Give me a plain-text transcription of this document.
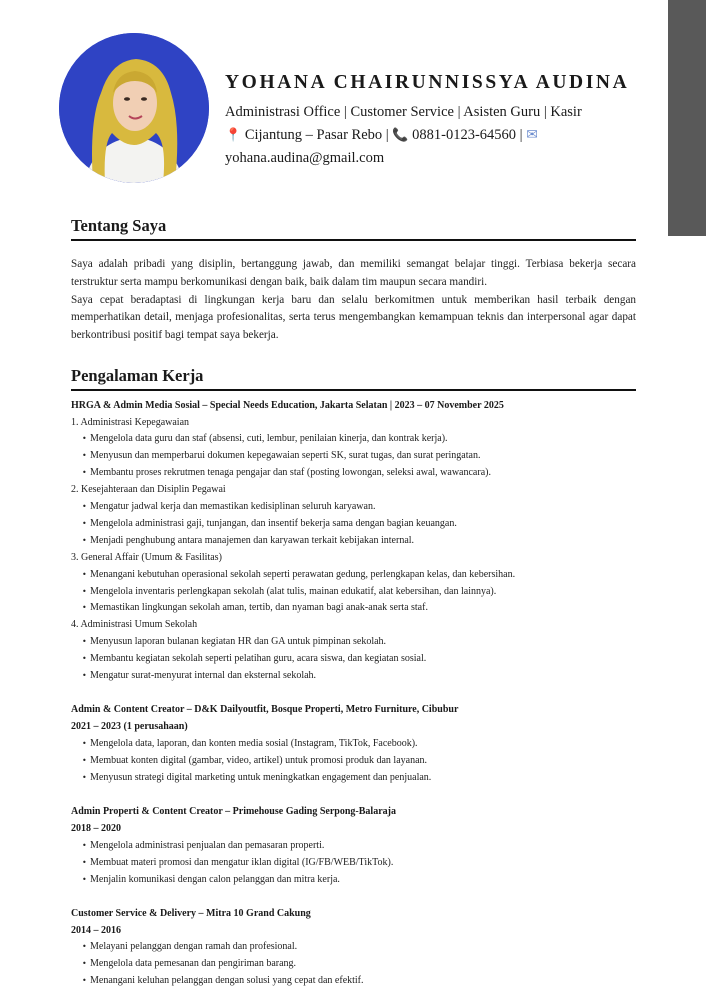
YOHANA CHAIRUNNISSYA AUDINA
Administrasi Office | Customer Service | Asisten Guru | Kasir
📍 Cijantung – Pasar Rebo | 📞 0881-0123-64560 | ✉
yohana.audina@gmail.com
Tentang Saya

Saya adalah pribadi yang disiplin, bertanggung jawab, dan memiliki semangat belajar tinggi. Terbiasa bekerja secara terstruktur serta mampu berkomunikasi dengan baik, baik dalam tim maupun secara mandiri.

Saya cepat beradaptasi di lingkungan kerja baru dan selalu berkomitmen untuk memberikan hasil terbaik dengan memperhatikan detail, menjaga profesionalitas, serta terus mengembangkan kemampuan teknis dan interpersonal agar dapat berkontribusi positif bagi tempat saya bekerja.

Pengalaman Kerja
HRGA & Admin Media Sosial – Special Needs Education, Jakarta Selatan | 2023 – 07 November 2025
1. Administrasi Kepegawaian
• Mengelola data guru dan staf (absensi, cuti, lembur, penilaian kinerja, dan kontrak kerja).
• Menyusun dan memperbarui dokumen kepegawaian seperti SK, surat tugas, dan surat peringatan.
• Membantu proses rekrutmen tenaga pengajar dan staf (posting lowongan, seleksi awal, wawancara).
2. Kesejahteraan dan Disiplin Pegawai
• Mengatur jadwal kerja dan memastikan kedisiplinan seluruh karyawan.
• Mengelola administrasi gaji, tunjangan, dan insentif bekerja sama dengan bagian keuangan.
• Menjadi penghubung antara manajemen dan karyawan terkait kebijakan internal.
3. General Affair (Umum & Fasilitas)
• Menangani kebutuhan operasional sekolah seperti perawatan gedung, perlengkapan kelas, dan kebersihan.
• Mengelola inventaris perlengkapan sekolah (alat tulis, mainan edukatif, alat kebersihan, dan lainnya).
• Memastikan lingkungan sekolah aman, tertib, dan nyaman bagi anak-anak serta staf.
4. Administrasi Umum Sekolah
• Menyusun laporan bulanan kegiatan HR dan GA untuk pimpinan sekolah.
• Membantu kegiatan sekolah seperti pelatihan guru, acara siswa, dan kegiatan sosial.
• Mengatur surat-menyurat internal dan eksternal sekolah.
Admin & Content Creator – D&K Dailyoutfit, Bosque Properti, Metro Furniture, Cibubur
2021 – 2023 (1 perusahaan)
• Mengelola data, laporan, dan konten media sosial (Instagram, TikTok, Facebook).
• Membuat konten digital (gambar, video, artikel) untuk promosi produk dan layanan.
• Menyusun strategi digital marketing untuk meningkatkan engagement dan penjualan.
Admin Properti & Content Creator – Primehouse Gading Serpong-Balaraja
2018 – 2020
• Mengelola administrasi penjualan dan pemasaran properti.
• Membuat materi promosi dan mengatur iklan digital (IG/FB/WEB/TikTok).
• Menjalin komunikasi dengan calon pelanggan dan mitra kerja.
Customer Service & Delivery – Mitra 10 Grand Cakung
2014 – 2016
• Melayani pelanggan dengan ramah dan profesional.
• Mengelola data pemesanan dan pengiriman barang.
• Menangani keluhan pelanggan dengan solusi yang cepat dan efektif.
